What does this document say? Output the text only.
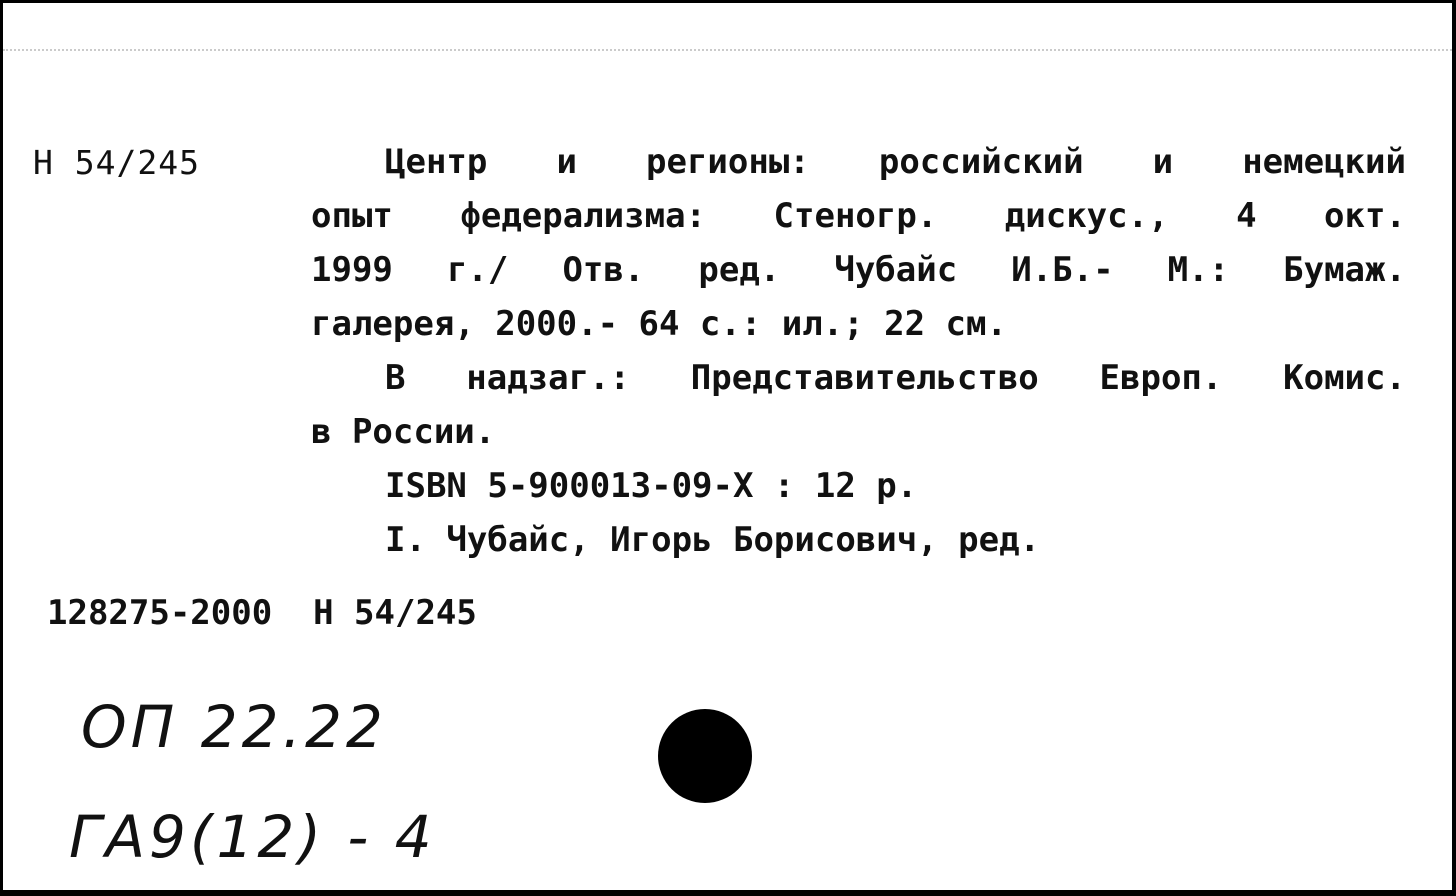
Н 54/245	Центр и регионы: российский и немецкий
опыт федерализма: Стеногр. дискус., 4 окт.
1999 г./ Отв. ред. Чубайс И.Б.- М.: Бумаж.
галерея, 2000.- 64 с.: ил.; 22 см.
В надзаг.: Представительство Европ. Комис.
в России.
ISBN 5-900013-09-X : 12 р.
I. Чубайс, Игорь Борисович, ред.
128275-2000  Н 54/245
ОП 22.22
ГА9(12) - 4
